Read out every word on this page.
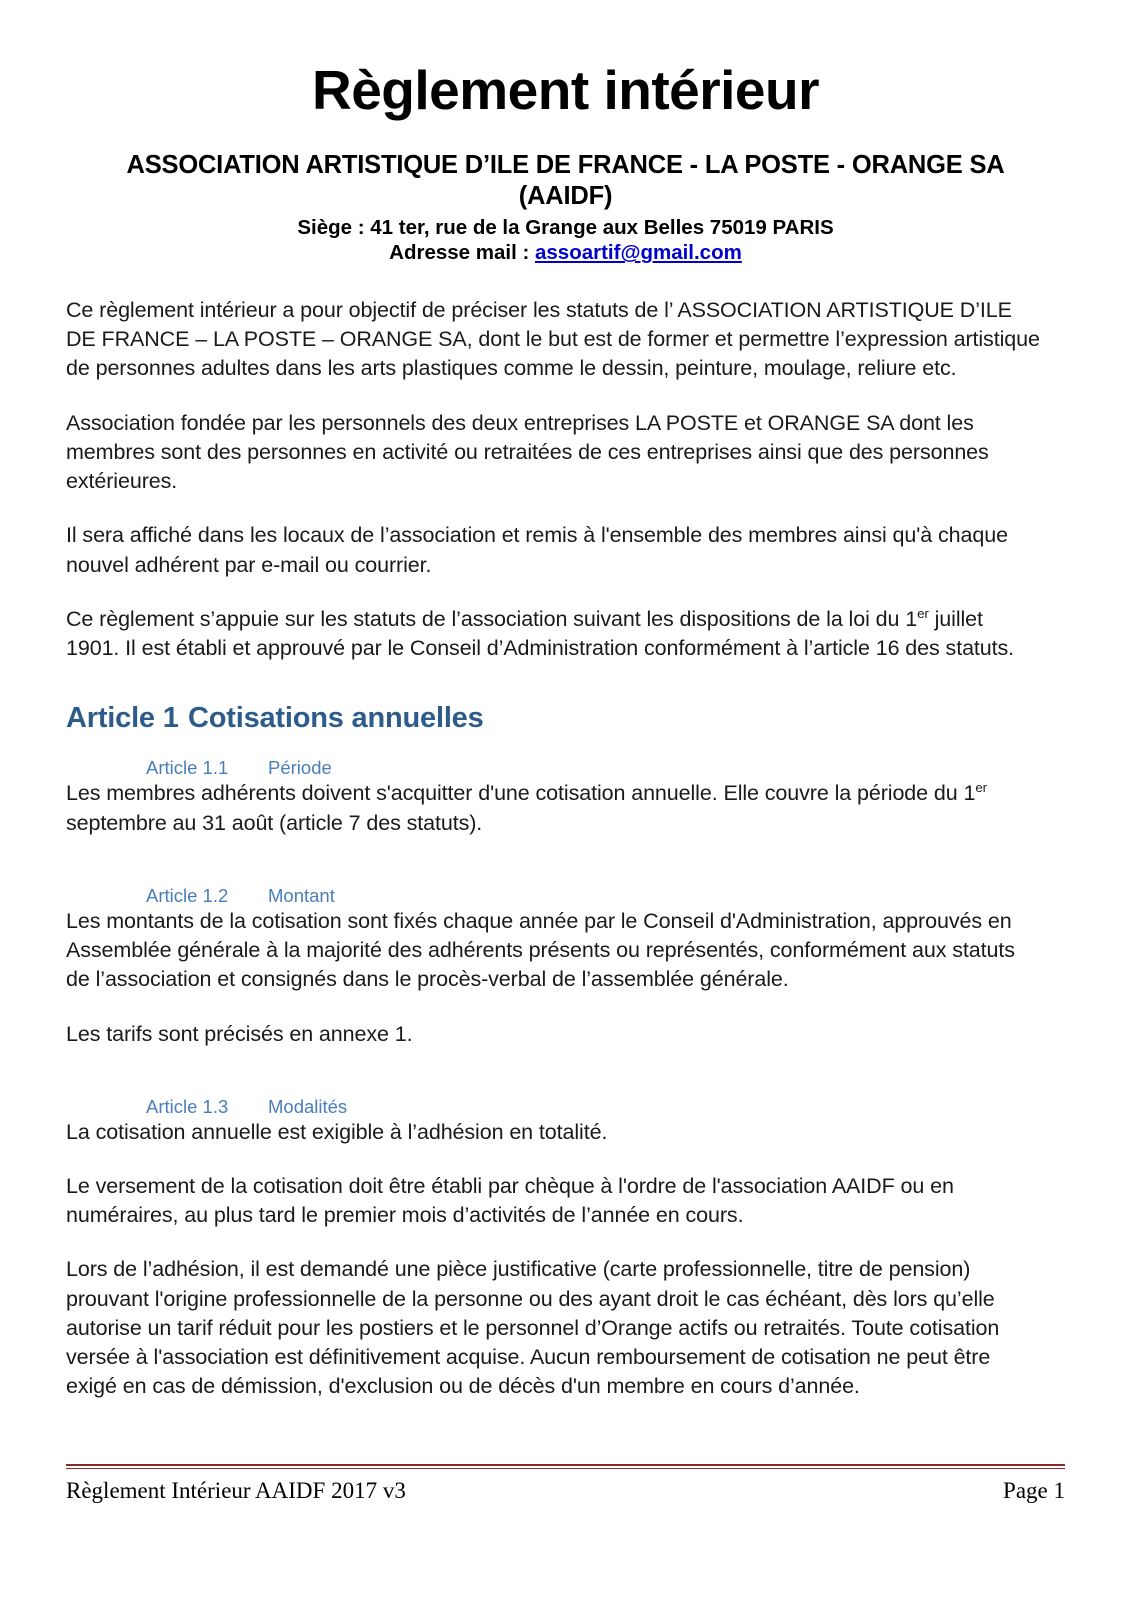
Règlement intérieur
ASSOCIATION ARTISTIQUE D’ILE DE FRANCE - LA POSTE - ORANGE SA
(AAIDF)
Siège : 41 ter, rue de la Grange aux Belles 75019 PARIS
Adresse mail : assoartif@gmail.com

Ce règlement intérieur a pour objectif de préciser les statuts de l’ ASSOCIATION ARTISTIQUE D’ILE DE FRANCE – LA POSTE – ORANGE SA, dont le but est de former et permettre l’expression artistique de personnes adultes dans les arts plastiques comme le dessin, peinture, moulage, reliure etc.

Association fondée par les personnels des deux entreprises LA POSTE et ORANGE SA dont les membres sont des personnes en activité ou retraitées de ces entreprises ainsi que des personnes extérieures.

Il sera affiché dans les locaux de l’association et remis à l'ensemble des membres ainsi qu'à chaque nouvel adhérent par e-mail ou courrier.

Ce règlement s’appuie sur les statuts de l’association suivant les dispositions de la loi du 1er juillet 1901. Il est établi et approuvé par le Conseil d’Administration conformément à l’article 16 des statuts.

Article 1 Cotisations annuelles
Article 1.1 Période

Les membres adhérents doivent s'acquitter d'une cotisation annuelle. Elle couvre la période du 1er septembre au 31 août (article 7 des statuts).

Article 1.2 Montant

Les montants de la cotisation sont fixés chaque année par le Conseil d'Administration, approuvés en Assemblée générale à la majorité des adhérents présents ou représentés, conformément aux statuts de l’association et consignés dans le procès-verbal de l’assemblée générale.

Les tarifs sont précisés en annexe 1.

Article 1.3 Modalités

La cotisation annuelle est exigible à l’adhésion en totalité.

Le versement de la cotisation doit être établi par chèque à l'ordre de l'association AAIDF ou en numéraires, au plus tard le premier mois d’activités de l’année en cours.

Lors de l’adhésion, il est demandé une pièce justificative (carte professionnelle, titre de pension) prouvant l'origine professionnelle de la personne ou des ayant droit le cas échéant, dès lors qu’elle autorise un tarif réduit pour les postiers et le personnel d’Orange actifs ou retraités. Toute cotisation versée à l'association est définitivement acquise. Aucun remboursement de cotisation ne peut être exigé en cas de démission, d'exclusion ou de décès d'un membre en cours d’année.

Règlement Intérieur AAIDF 2017 v3	Page 1
